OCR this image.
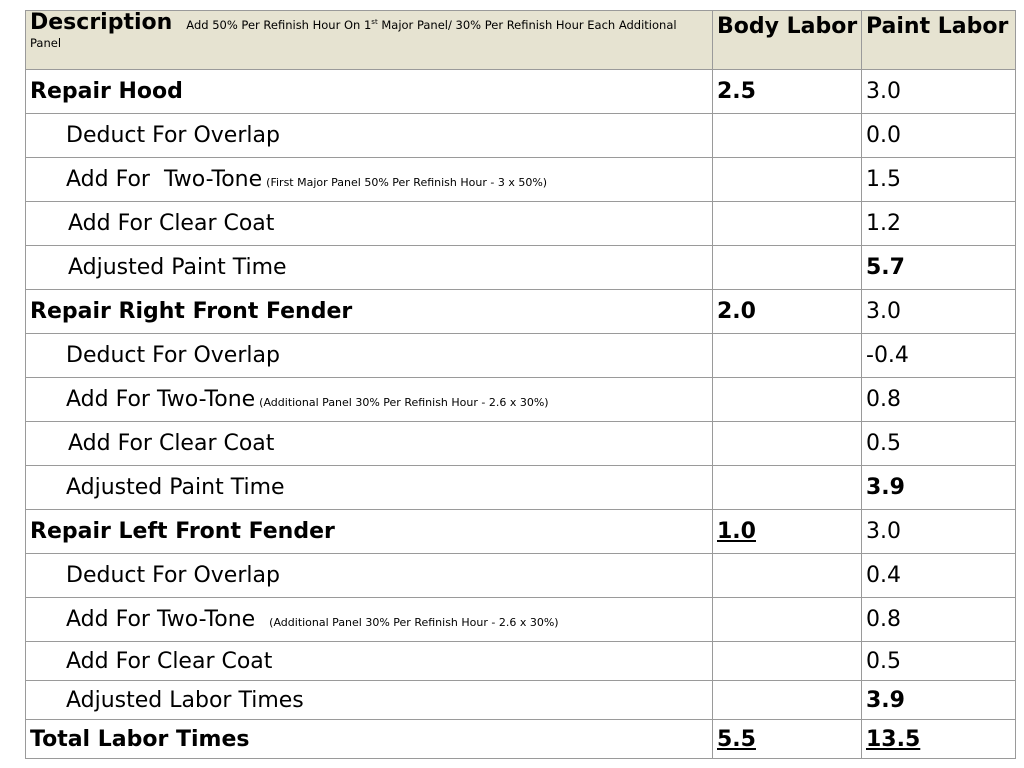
Description Add 50% Per Refinish Hour On 1st Major Panel/ 30% Per Refinish Hour Each Additional Panel	Body Labor	Paint Labor
Repair Hood	2.5	3.0
Deduct For Overlap		0.0
Add For  Two-Tone (First Major Panel 50% Per Refinish Hour - 3 x 50%)		1.5
Add For Clear Coat		1.2
Adjusted Paint Time		5.7
Repair Right Front Fender	2.0	3.0
Deduct For Overlap		-0.4
Add For Two-Tone (Additional Panel 30% Per Refinish Hour - 2.6 x 30%)		0.8
Add For Clear Coat		0.5
Adjusted Paint Time		3.9
Repair Left Front Fender	1.0	3.0
Deduct For Overlap		0.4
Add For Two-Tone (Additional Panel 30% Per Refinish Hour - 2.6 x 30%)		0.8
Add For Clear Coat		0.5
Adjusted Labor Times		3.9
Total Labor Times	5.5	13.5
